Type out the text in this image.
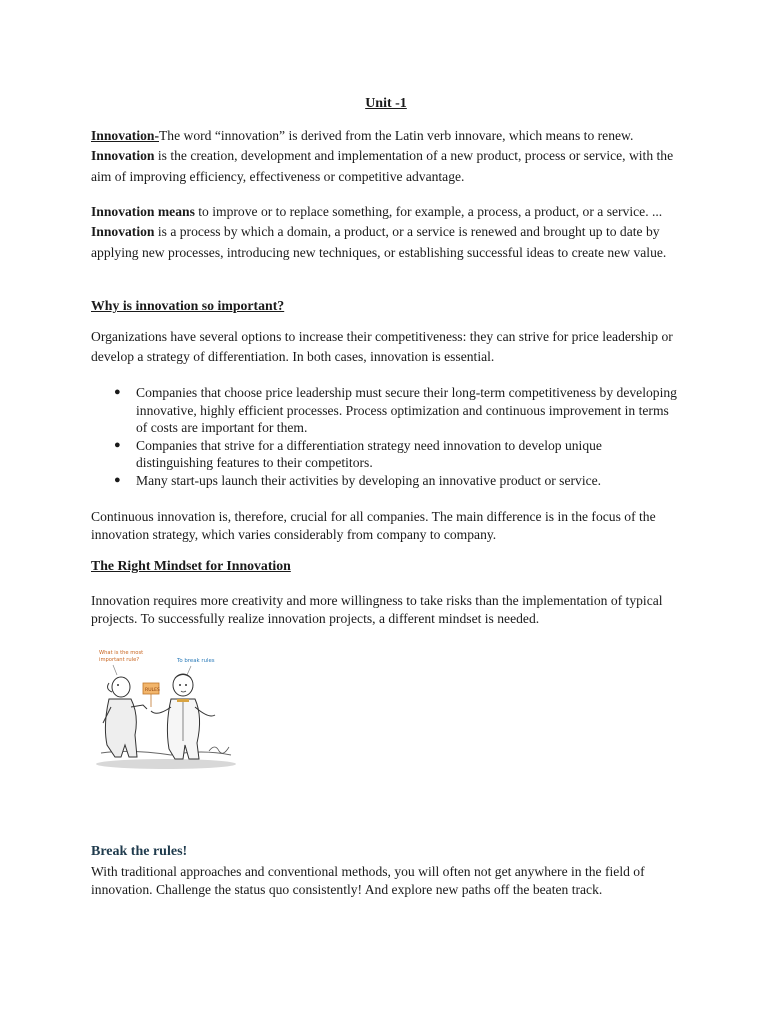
Unit -1

Innovation-The word “innovation” is derived from the Latin verb innovare, which means to renew. Innovation is the creation, development and implementation of a new product, process or service, with the aim of improving efficiency, effectiveness or competitive advantage.

Innovation means to improve or to replace something, for example, a process, a product, or a service. ... Innovation is a process by which a domain, a product, or a service is renewed and brought up to date by applying new processes, introducing new techniques, or establishing successful ideas to create new value.

Why is innovation so important?

Organizations have several options to increase their competitiveness: they can strive for price leadership or develop a strategy of differentiation. In both cases, innovation is essential.

● Companies that choose price leadership must secure their long-term competitiveness by developing innovative, highly efficient processes. Process optimization and continuous improvement in terms of costs are important for them.
● Companies that strive for a differentiation strategy need innovation to develop unique distinguishing features to their competitors.
● Many start-ups launch their activities by developing an innovative product or service.

Continuous innovation is, therefore, crucial for all companies. The main difference is in the focus of the innovation strategy, which varies considerably from company to company.

The Right Mindset for Innovation

Innovation requires more creativity and more willingness to take risks than the implementation of typical projects. To successfully realize innovation projects, a different mindset is needed.

What is the most important rule?	To break rules
RULES

Break the rules!

With traditional approaches and conventional methods, you will often not get anywhere in the field of innovation. Challenge the status quo consistently! And explore new paths off the beaten track.
